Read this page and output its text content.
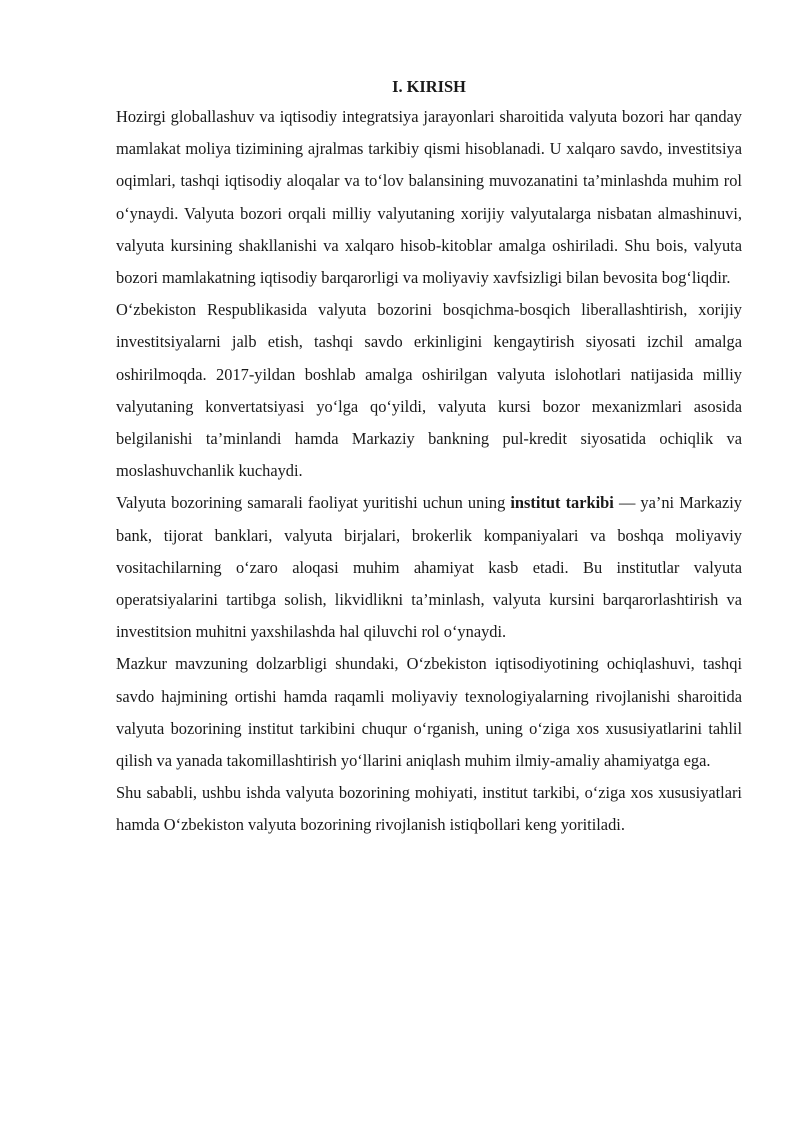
I. KIRISH

Hozirgi globallashuv va iqtisodiy integratsiya jarayonlari sharoitida valyuta bozori har qanday mamlakat moliya tizimining ajralmas tarkibiy qismi hisoblanadi. U xalqaro savdo, investitsiya oqimlari, tashqi iqtisodiy aloqalar va to‘lov balansining muvozanatini ta’minlashda muhim rol o‘ynaydi. Valyuta bozori orqali milliy valyutaning xorijiy valyutalarga nisbatan almashinuvi, valyuta kursining shakllanishi va xalqaro hisob-kitoblar amalga oshiriladi. Shu bois, valyuta bozori mamlakatning iqtisodiy barqarorligi va moliyaviy xavfsizligi bilan bevosita bog‘liqdir.

O‘zbekiston Respublikasida valyuta bozorini bosqichma-bosqich liberallashtirish, xorijiy investitsiyalarni jalb etish, tashqi savdo erkinligini kengaytirish siyosati izchil amalga oshirilmoqda. 2017-yildan boshlab amalga oshirilgan valyuta islohotlari natijasida milliy valyutaning konvertatsiyasi yo‘lga qo‘yildi, valyuta kursi bozor mexanizmlari asosida belgilanishi ta’minlandi hamda Markaziy bankning pul-kredit siyosatida ochiqlik va moslashuvchanlik kuchaydi.

Valyuta bozorining samarali faoliyat yuritishi uchun uning institut tarkibi — ya’ni Markaziy bank, tijorat banklari, valyuta birjalari, brokerlik kompaniyalari va boshqa moliyaviy vositachilarning o‘zaro aloqasi muhim ahamiyat kasb etadi. Bu institutlar valyuta operatsiyalarini tartibga solish, likvidlikni ta’minlash, valyuta kursini barqarorlashtirish va investitsion muhitni yaxshilashda hal qiluvchi rol o‘ynaydi.

Mazkur mavzuning dolzarbligi shundaki, O‘zbekiston iqtisodiyotining ochiqlashuvi, tashqi savdo hajmining ortishi hamda raqamli moliyaviy texnologiyalarning rivojlanishi sharoitida valyuta bozorining institut tarkibini chuqur o‘rganish, uning o‘ziga xos xususiyatlarini tahlil qilish va yanada takomillashtirish yo‘llarini aniqlash muhim ilmiy-amaliy ahamiyatga ega.

Shu sababli, ushbu ishda valyuta bozorining mohiyati, institut tarkibi, o‘ziga xos xususiyatlari hamda O‘zbekiston valyuta bozorining rivojlanish istiqbollari keng yoritiladi.
